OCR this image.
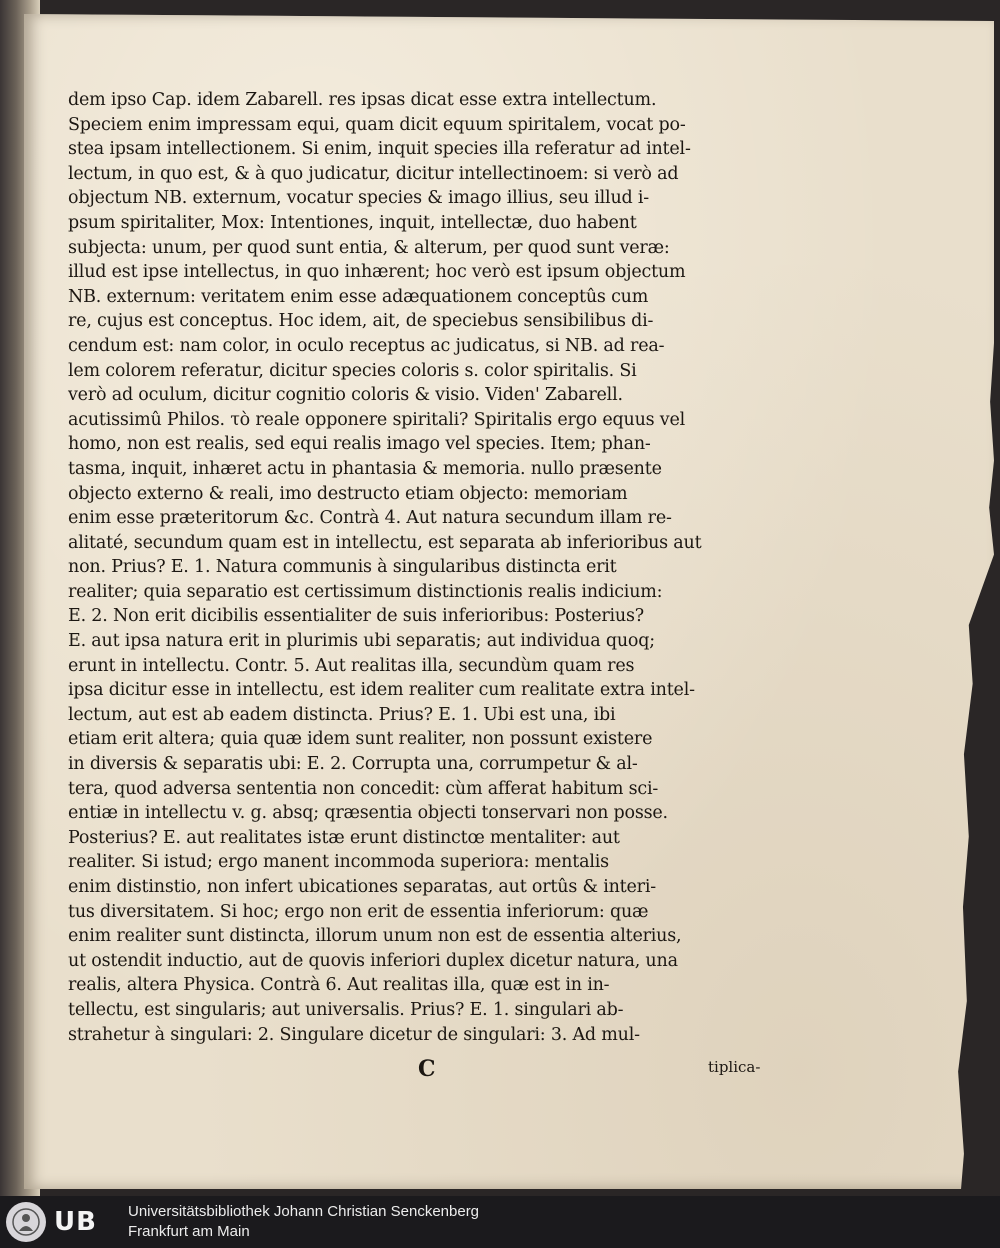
dem ipso Cap. idem Zabarell. res ipsas dicat esse extra intellectum.
Speciem enim impressam equi, quam dicit equum spiritalem, vocat po-
stea ipsam intellectionem. Si enim, inquit species illa referatur ad intel-
lectum, in quo est, & à quo judicatur, dicitur intellectinoem: si verò ad
objectum NB. externum, vocatur species & imago illius, seu illud i-
psum spiritaliter, Mox: Intentiones, inquit, intellectæ, duo habent
subjecta: unum, per quod sunt entia, & alterum, per quod sunt veræ:
illud est ipse intellectus, in quo inhærent; hoc verò est ipsum objectum
NB. externum: veritatem enim esse adæquationem conceptûs cum
re, cujus est conceptus. Hoc idem, ait, de speciebus sensibilibus di-
cendum est: nam color, in oculo receptus ac judicatus, si NB. ad rea-
lem colorem referatur, dicitur species coloris s. color spiritalis. Si
verò ad oculum, dicitur cognitio coloris & visio. Viden' Zabarell.
acutissimû Philos. τὸ reale opponere spiritali? Spiritalis ergo equus vel
homo, non est realis, sed equi realis imago vel species. Item; phan-
tasma, inquit, inhæret actu in phantasia & memoria. nullo præsente
objecto externo & reali, imo destructo etiam objecto: memoriam
enim esse præteritorum &c. Contrà 4. Aut natura secundum illam re-
alitaté, secundum quam est in intellectu, est separata ab inferioribus aut
non. Prius? E. 1. Natura communis à singularibus distincta erit
realiter; quia separatio est certissimum distinctionis realis indicium:
E. 2. Non erit dicibilis essentialiter de suis inferioribus: Posterius?
E. aut ipsa natura erit in plurimis ubi separatis; aut individua quoq;
erunt in intellectu. Contr. 5. Aut realitas illa, secundùm quam res
ipsa dicitur esse in intellectu, est idem realiter cum realitate extra intel-
lectum, aut est ab eadem distincta. Prius? E. 1. Ubi est una, ibi
etiam erit altera; quia quæ idem sunt realiter, non possunt existere
in diversis & separatis ubi: E. 2. Corrupta una, corrumpetur & al-
tera, quod adversa sententia non concedit: cùm afferat habitum sci-
entiæ in intellectu v. g. absq; qræsentia objecti tonservari non posse.
Posterius? E. aut realitates istæ erunt distinctœ mentaliter: aut
realiter. Si istud; ergo manent incommoda superiora: mentalis
enim distinstio, non infert ubicationes separatas, aut ortûs & interi-
tus diversitatem. Si hoc; ergo non erit de essentia inferiorum: quæ
enim realiter sunt distincta, illorum unum non est de essentia alterius,
ut ostendit inductio, aut de quovis inferiori duplex dicetur natura, una
realis, altera Physica. Contrà 6. Aut realitas illa, quæ est in in-
tellectu, est singularis; aut universalis. Prius? E. 1. singulari ab-
strahetur à singulari: 2. Singulare dicetur de singulari: 3. Ad mul-
C	tiplica-
UB Universitätsbibliothek Johann Christian Senckenberg
Frankfurt am Main
